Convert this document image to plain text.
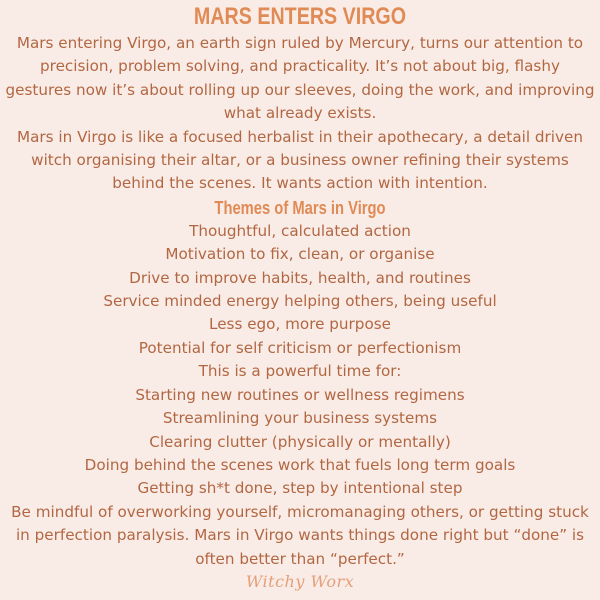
MARS ENTERS VIRGO

Mars entering Virgo, an earth sign ruled by Mercury, turns our attention to

precision, problem solving, and practicality. It’s not about big, flashy

gestures now it’s about rolling up our sleeves, doing the work, and improving

what already exists.

Mars in Virgo is like a focused herbalist in their apothecary, a detail driven

witch organising their altar, or a business owner refining their systems

behind the scenes. It wants action with intention.

Themes of Mars in Virgo

Thoughtful, calculated action

Motivation to fix, clean, or organise

Drive to improve habits, health, and routines

Service minded energy helping others, being useful

Less ego, more purpose

Potential for self criticism or perfectionism

This is a powerful time for:

Starting new routines or wellness regimens

Streamlining your business systems

Clearing clutter (physically or mentally)

Doing behind the scenes work that fuels long term goals

Getting sh*t done, step by intentional step

Be mindful of overworking yourself, micromanaging others, or getting stuck

in perfection paralysis. Mars in Virgo wants things done right but “done” is

often better than “perfect.”

Witchy Worx
